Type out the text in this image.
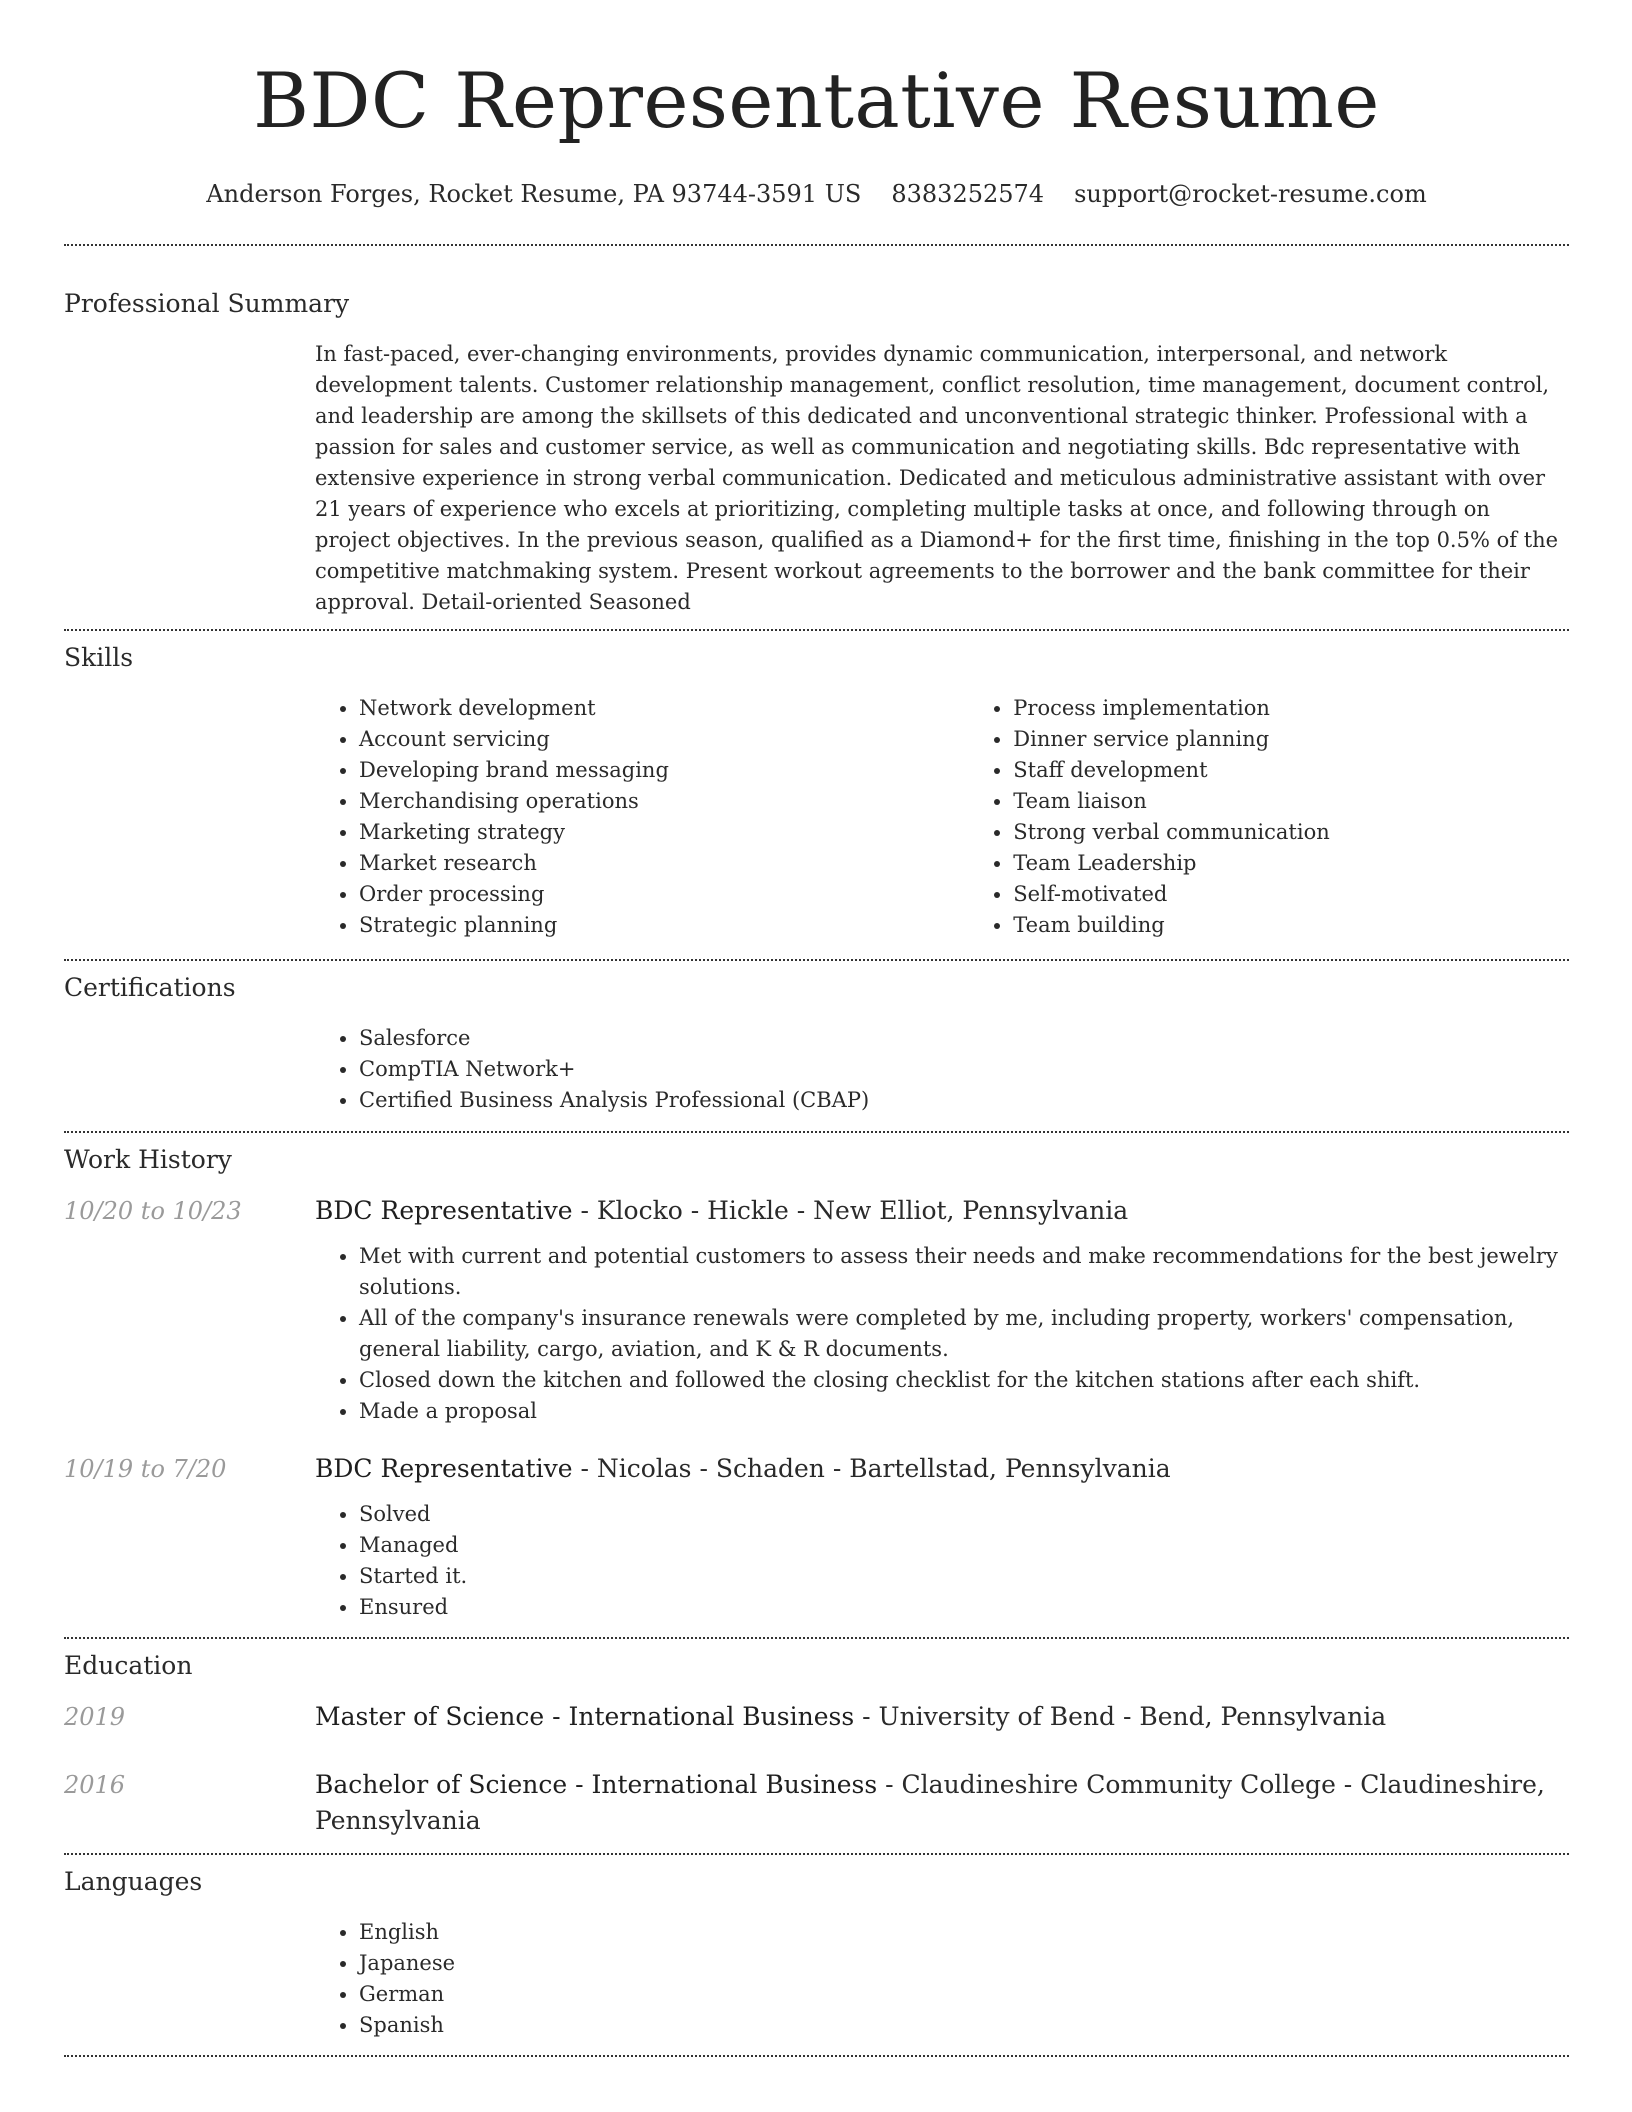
BDC Representative Resume
Anderson Forges, Rocket Resume, PA 93744-3591 US 8383252574 support@rocket-resume.com
Professional Summary
In fast-paced, ever-changing environments, provides dynamic communication, interpersonal, and network development talents. Customer relationship management, conflict resolution, time management, document control, and leadership are among the skillsets of this dedicated and unconventional strategic thinker. Professional with a passion for sales and customer service, as well as communication and negotiating skills. Bdc representative with extensive experience in strong verbal communication. Dedicated and meticulous administrative assistant with over 21 years of experience who excels at prioritizing, completing multiple tasks at once, and following through on project objectives. In the previous season, qualified as a Diamond+ for the first time, finishing in the top 0.5% of the competitive matchmaking system. Present workout agreements to the borrower and the bank committee for their approval. Detail-oriented Seasoned
Skills
• Network development
• Account servicing
• Developing brand messaging
• Merchandising operations
• Marketing strategy
• Market research
• Order processing
• Strategic planning
• Process implementation
• Dinner service planning
• Staff development
• Team liaison
• Strong verbal communication
• Team Leadership
• Self-motivated
• Team building
Certifications
• Salesforce
• CompTIA Network+
• Certified Business Analysis Professional (CBAP)
Work History
10/20 to 10/23	BDC Representative - Klocko - Hickle - New Elliot, Pennsylvania
• Met with current and potential customers to assess their needs and make recommendations for the best jewelry solutions.
• All of the company's insurance renewals were completed by me, including property, workers' compensation, general liability, cargo, aviation, and K & R documents.
• Closed down the kitchen and followed the closing checklist for the kitchen stations after each shift.
• Made a proposal
10/19 to 7/20	BDC Representative - Nicolas - Schaden - Bartellstad, Pennsylvania
• Solved
• Managed
• Started it.
• Ensured
Education
2019	Master of Science - International Business - University of Bend - Bend, Pennsylvania
2016	Bachelor of Science - International Business - Claudineshire Community College - Claudineshire, Pennsylvania
Languages
• English
• Japanese
• German
• Spanish
